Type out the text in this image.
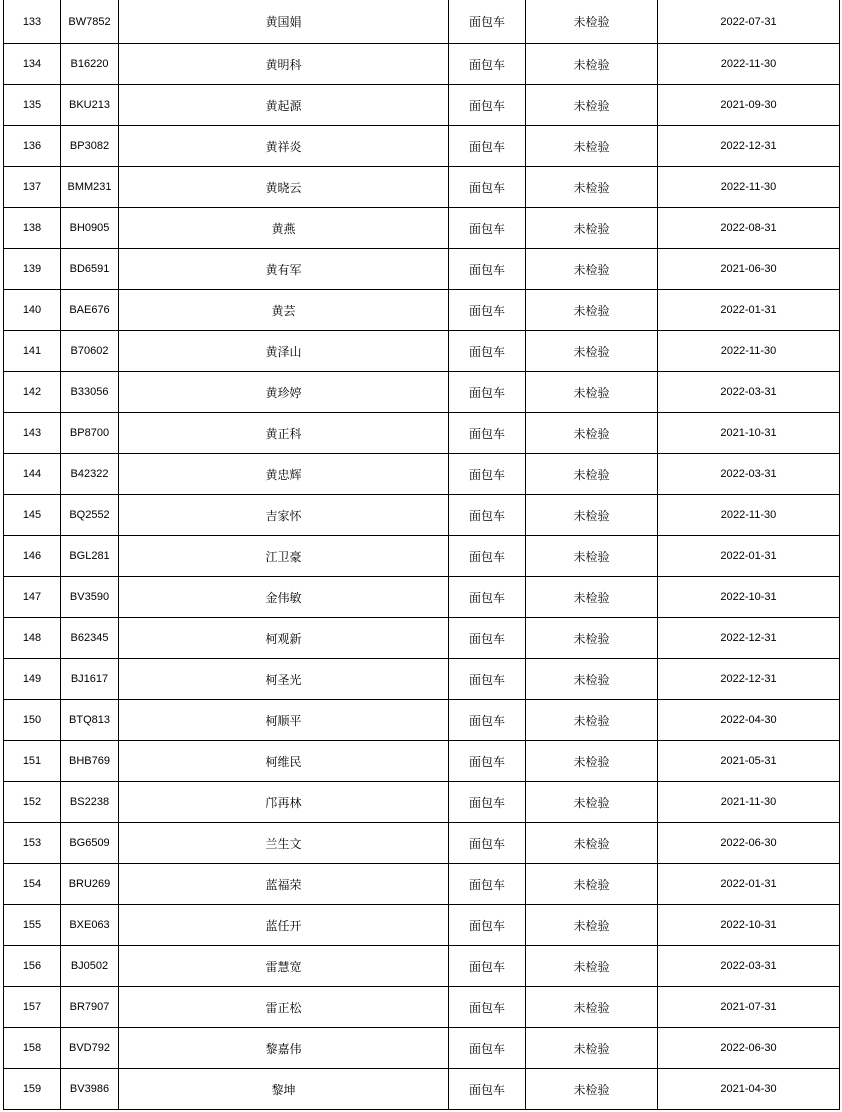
133	BW7852	黄国娟	面包车	未检验	2022-07-31
134	B16220	黄明科	面包车	未检验	2022-11-30
135	BKU213	黄起源	面包车	未检验	2021-09-30
136	BP3082	黄祥炎	面包车	未检验	2022-12-31
137	BMM231	黄晓云	面包车	未检验	2022-11-30
138	BH0905	黄燕	面包车	未检验	2022-08-31
139	BD6591	黄有军	面包车	未检验	2021-06-30
140	BAE676	黄芸	面包车	未检验	2022-01-31
141	B70602	黄泽山	面包车	未检验	2022-11-30
142	B33056	黄珍婷	面包车	未检验	2022-03-31
143	BP8700	黄正科	面包车	未检验	2021-10-31
144	B42322	黄忠辉	面包车	未检验	2022-03-31
145	BQ2552	吉家怀	面包车	未检验	2022-11-30
146	BGL281	江卫豪	面包车	未检验	2022-01-31
147	BV3590	金伟敏	面包车	未检验	2022-10-31
148	B62345	柯观新	面包车	未检验	2022-12-31
149	BJ1617	柯圣光	面包车	未检验	2022-12-31
150	BTQ813	柯顺平	面包车	未检验	2022-04-30
151	BHB769	柯维民	面包车	未检验	2021-05-31
152	BS2238	邝再林	面包车	未检验	2021-11-30
153	BG6509	兰生文	面包车	未检验	2022-06-30
154	BRU269	蓝福荣	面包车	未检验	2022-01-31
155	BXE063	蓝任开	面包车	未检验	2022-10-31
156	BJ0502	雷慧宽	面包车	未检验	2022-03-31
157	BR7907	雷正松	面包车	未检验	2021-07-31
158	BVD792	黎嘉伟	面包车	未检验	2022-06-30
159	BV3986	黎坤	面包车	未检验	2021-04-30
